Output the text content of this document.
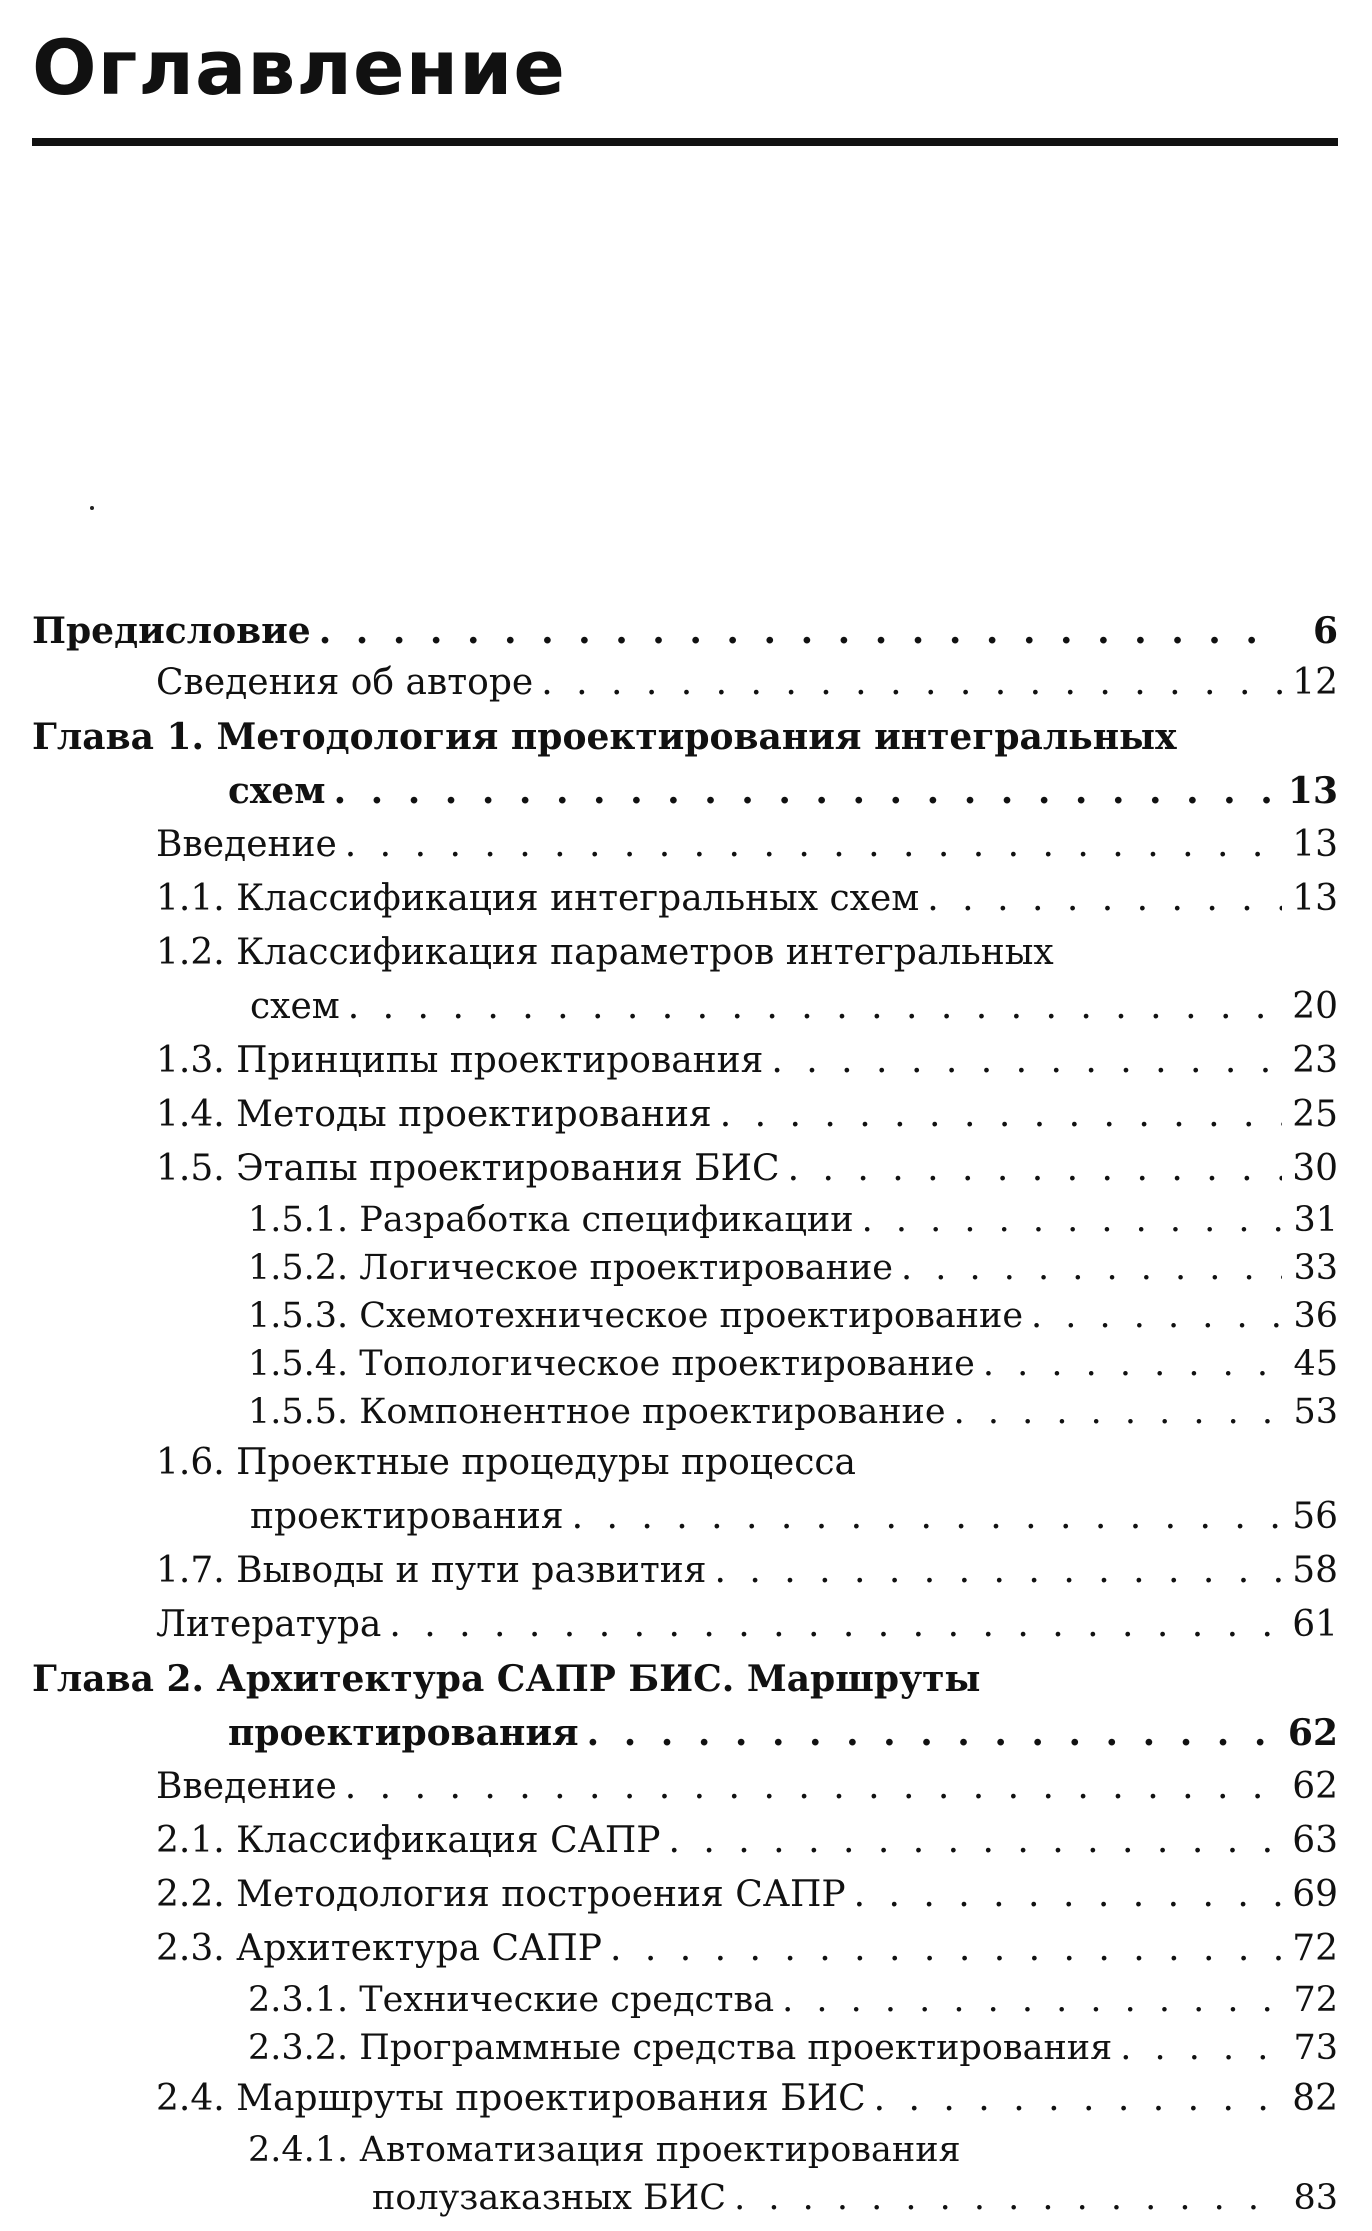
Оглавление
Предисловие . . .	6
Сведения об авторе . . .	12
Глава 1. Методология проектирования интегральных
схем . . .	13
Введение . . .	13
1.1. Классификация интегральных схем . . .	13
1.2. Классификация параметров интегральных
схем . . .	20
1.3. Принципы проектирования . . .	23
1.4. Методы проектирования . . .	25
1.5. Этапы проектирования БИС . . .	30
1.5.1. Разработка спецификации . . .	31
1.5.2. Логическое проектирование . . .	33
1.5.3. Схемотехническое проектирование . . .	36
1.5.4. Топологическое проектирование . . .	45
1.5.5. Компонентное проектирование . . .	53
1.6. Проектные процедуры процесса
проектирования . . .	56
1.7. Выводы и пути развития . . .	58
Литература . . .	61
Глава 2. Архитектура САПР БИС. Маршруты
проектирования . . .	62
Введение . . .	62
2.1. Классификация САПР . . .	63
2.2. Методология построения САПР . . .	69
2.3. Архитектура САПР . . .	72
2.3.1. Технические средства . . .	72
2.3.2. Программные средства проектирования . . .	73
2.4. Маршруты проектирования БИС . . .	82
2.4.1. Автоматизация проектирования
полузаказных БИС . . .	83
